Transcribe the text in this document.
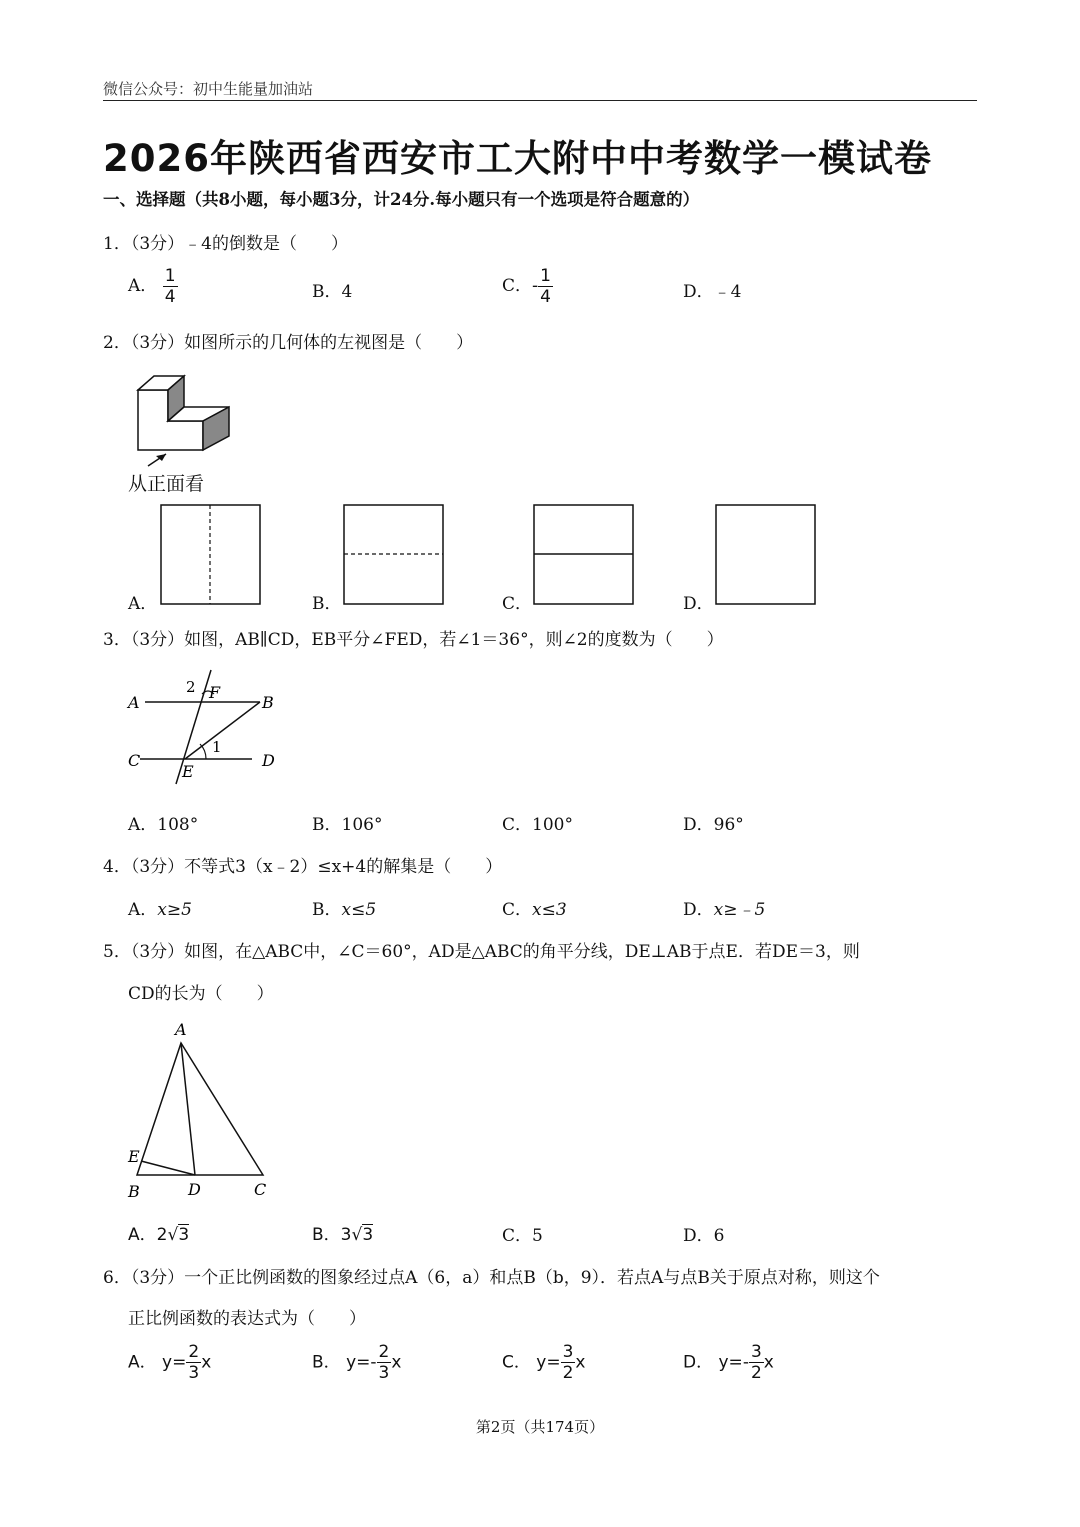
微信公众号：初中生能量加油站
2026年陕西省西安市工大附中中考数学一模试卷
一、选择题（共8小题，每小题3分，计24分.每小题只有一个选项是符合题意的）
1．（3分）﹣4的倒数是（　　）
A． $\frac{1}{4}$	B．4	C．- $\frac{1}{4}$	D．﹣4
2．（3分）如图所示的几何体的左视图是（　　）
从正面看
A．	B．	C．	D．
3．（3分）如图，AB∥CD，EB平分∠FED，若∠1＝36°，则∠2的度数为（　　）
A	B
C	D
E
F
2
1
A．108°	B．106°	C．100°	D．96°
4．（3分）不等式3（x﹣2）≤x+4的解集是（　　）
A．x≥5	B．x≤5	C．x≤3	D．x≥﹣5
5．（3分）如图，在△ABC中，∠C＝60°，AD是△ABC的角平分线，DE⊥AB于点E．若DE＝3，则
CD的长为（　　）
A
E
B	D	C
A．2√3	B．3√3	C．5	D．6
6．（3分）一个正比例函数的图象经过点A（6，a）和点B（b，9）．若点A与点B关于原点对称，则这个
正比例函数的表达式为（　　）
A． $y= \frac{2}{3}$ x	B． $y=- \frac{2}{3}$ x	C． $y= \frac{3}{2}$ x	D． $y=- \frac{3}{2}$ x
第2页（共174页）
